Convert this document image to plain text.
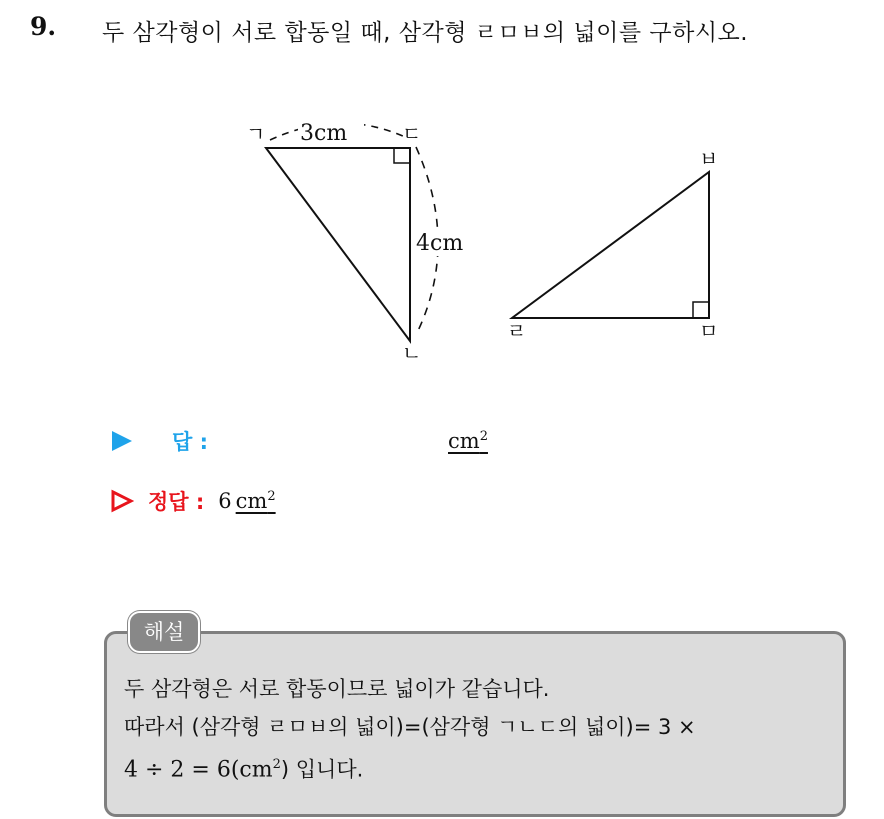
9. 두 삼각형이 서로 합동일 때, 삼각형 ㄹㅁㅂ의 넓이를 구하시오.
ㄱ
ㄴ
ㄷ
3cm
4cm
ㄹ	ㅁ
ㅂ
답 :	$cm^2$
정답 : 6 $cm^2$
해설
두 삼각형은 서로 합동이므로 넓이가 같습니다.
따라서 (삼각형 ㄹㅁㅂ의 넓이)=(삼각형 ㄱㄴㄷ의 넓이)= 3 ×
$4 \div 2 = 6(cm^2)$ 입니다.
